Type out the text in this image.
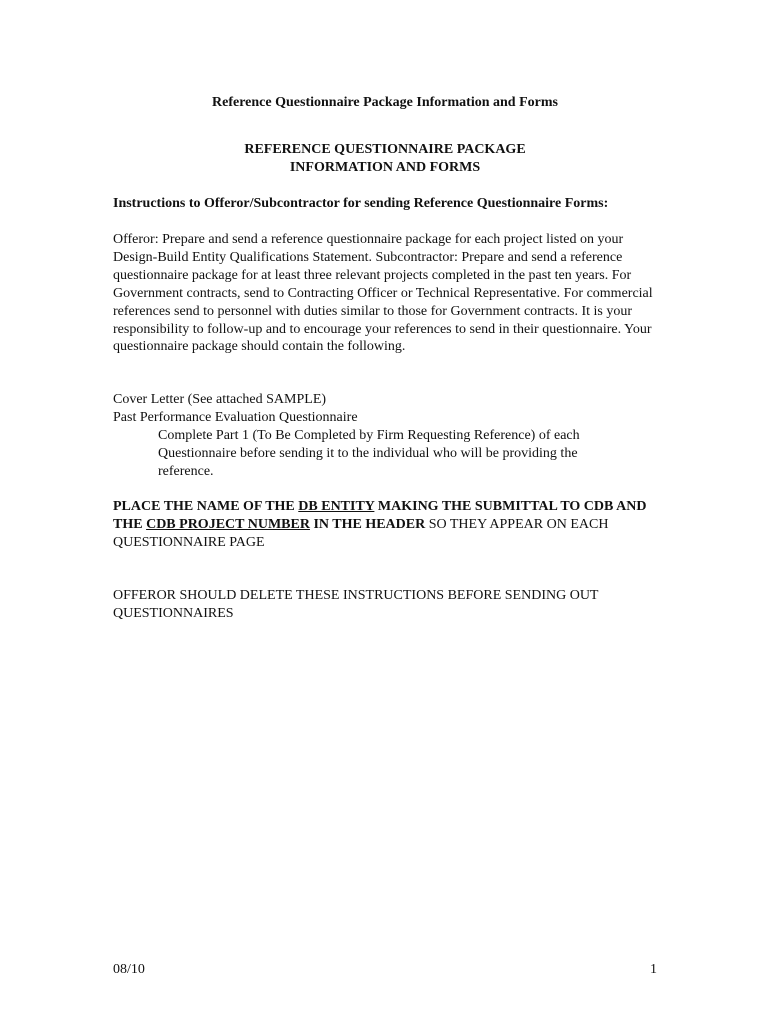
Reference Questionnaire Package Information and Forms
REFERENCE QUESTIONNAIRE PACKAGE
INFORMATION AND FORMS
Instructions to Offeror/Subcontractor for sending Reference Questionnaire Forms:
Offeror: Prepare and send a reference questionnaire package for each project listed on your Design-Build Entity Qualifications Statement. Subcontractor: Prepare and send a reference questionnaire package for at least three relevant projects completed in the past ten years. For Government contracts, send to Contracting Officer or Technical Representative. For commercial references send to personnel with duties similar to those for Government contracts. It is your responsibility to follow-up and to encourage your references to send in their questionnaire. Your questionnaire package should contain the following.
Cover Letter (See attached SAMPLE)
Past Performance Evaluation Questionnaire
Complete Part 1 (To Be Completed by Firm Requesting Reference) of each Questionnaire before sending it to the individual who will be providing the reference.
PLACE THE NAME OF THE DB ENTITY MAKING THE SUBMITTAL TO CDB AND THE CDB PROJECT NUMBER IN THE HEADER SO THEY APPEAR ON EACH QUESTIONNAIRE PAGE
OFFEROR SHOULD DELETE THESE INSTRUCTIONS BEFORE SENDING OUT QUESTIONNAIRES
08/10	1
